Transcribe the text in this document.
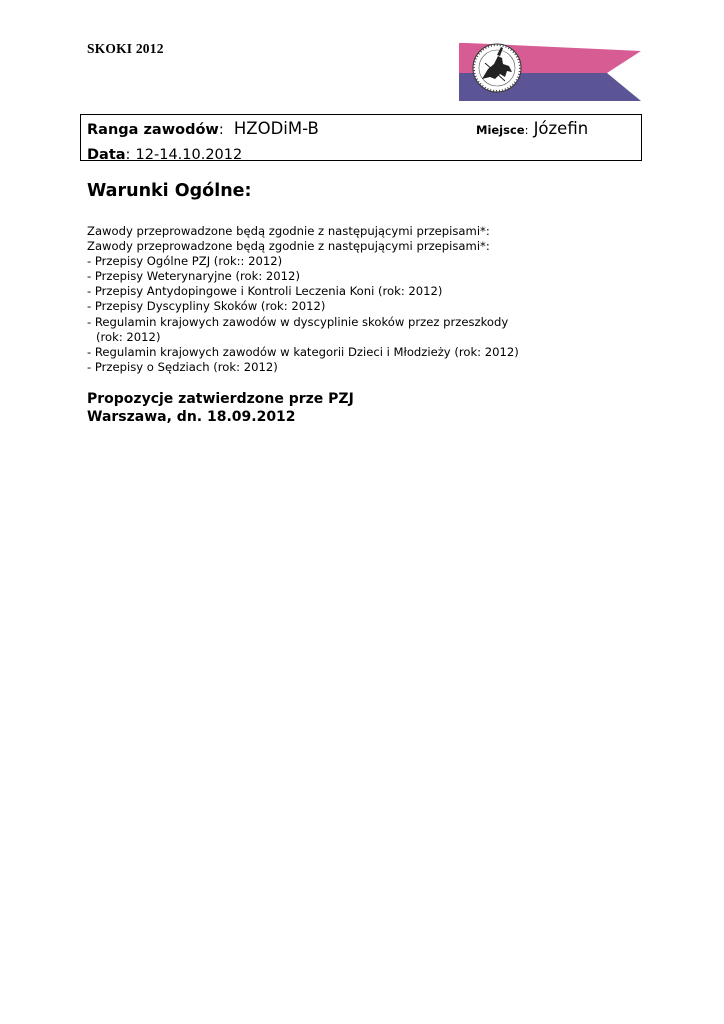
SKOKI 2012
Ranga zawodów: HZODiM-B	Miejsce: Józefin
Data: 12-14.10.2012
Warunki Ogólne:
Zawody przeprowadzone będą zgodnie z następującymi przepisami*:
Zawody przeprowadzone będą zgodnie z następującymi przepisami*:
- Przepisy Ogólne PZJ (rok:: 2012)
- Przepisy Weterynaryjne (rok: 2012)
- Przepisy Antydopingowe i Kontroli Leczenia Koni (rok: 2012)
- Przepisy Dyscypliny Skoków (rok: 2012)
- Regulamin krajowych zawodów w dyscyplinie skoków przez przeszkody
(rok: 2012)
- Regulamin krajowych zawodów w kategorii Dzieci i Młodzieży (rok: 2012)
- Przepisy o Sędziach (rok: 2012)
Propozycje zatwierdzone prze PZJ
Warszawa, dn. 18.09.2012
